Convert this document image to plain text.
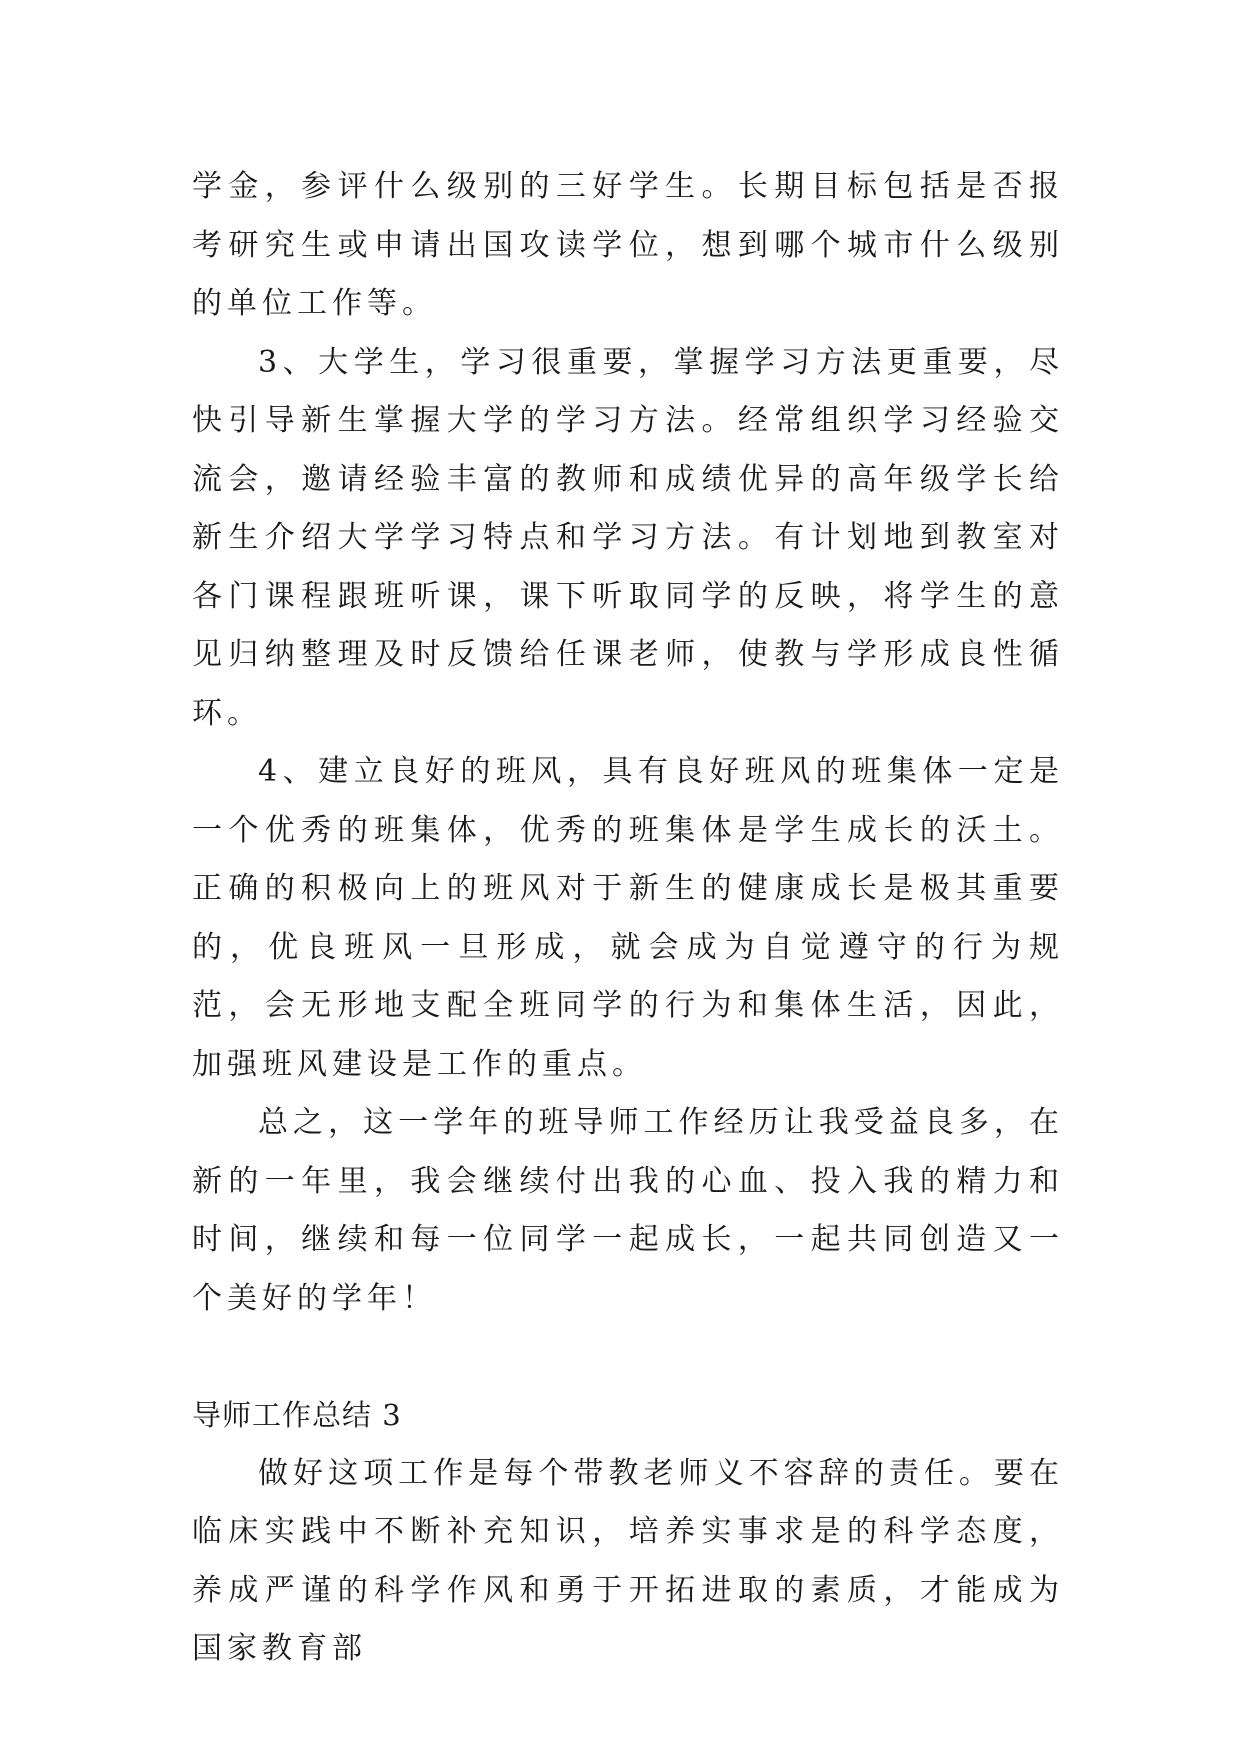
学金，参评什么级别的三好学生。长期目标包括是否报考研究生或申请出国攻读学位，想到哪个城市什么级别的单位工作等。

3、大学生，学习很重要，掌握学习方法更重要，尽快引导新生掌握大学的学习方法。经常组织学习经验交流会，邀请经验丰富的教师和成绩优异的高年级学长给新生介绍大学学习特点和学习方法。有计划地到教室对各门课程跟班听课，课下听取同学的反映，将学生的意见归纳整理及时反馈给任课老师，使教与学形成良性循环。

4、建立良好的班风，具有良好班风的班集体一定是一个优秀的班集体，优秀的班集体是学生成长的沃土。正确的积极向上的班风对于新生的健康成长是极其重要的，优良班风一旦形成，就会成为自觉遵守的行为规范，会无形地支配全班同学的行为和集体生活，因此，加强班风建设是工作的重点。

总之，这一学年的班导师工作经历让我受益良多，在新的一年里，我会继续付出我的心血、投入我的精力和时间，继续和每一位同学一起成长，一起共同创造又一个美好的学年！

导师工作总结 3

做好这项工作是每个带教老师义不容辞的责任。要在临床实践中不断补充知识，培养实事求是的科学态度，养成严谨的科学作风和勇于开拓进取的素质，才能成为国家教育部
